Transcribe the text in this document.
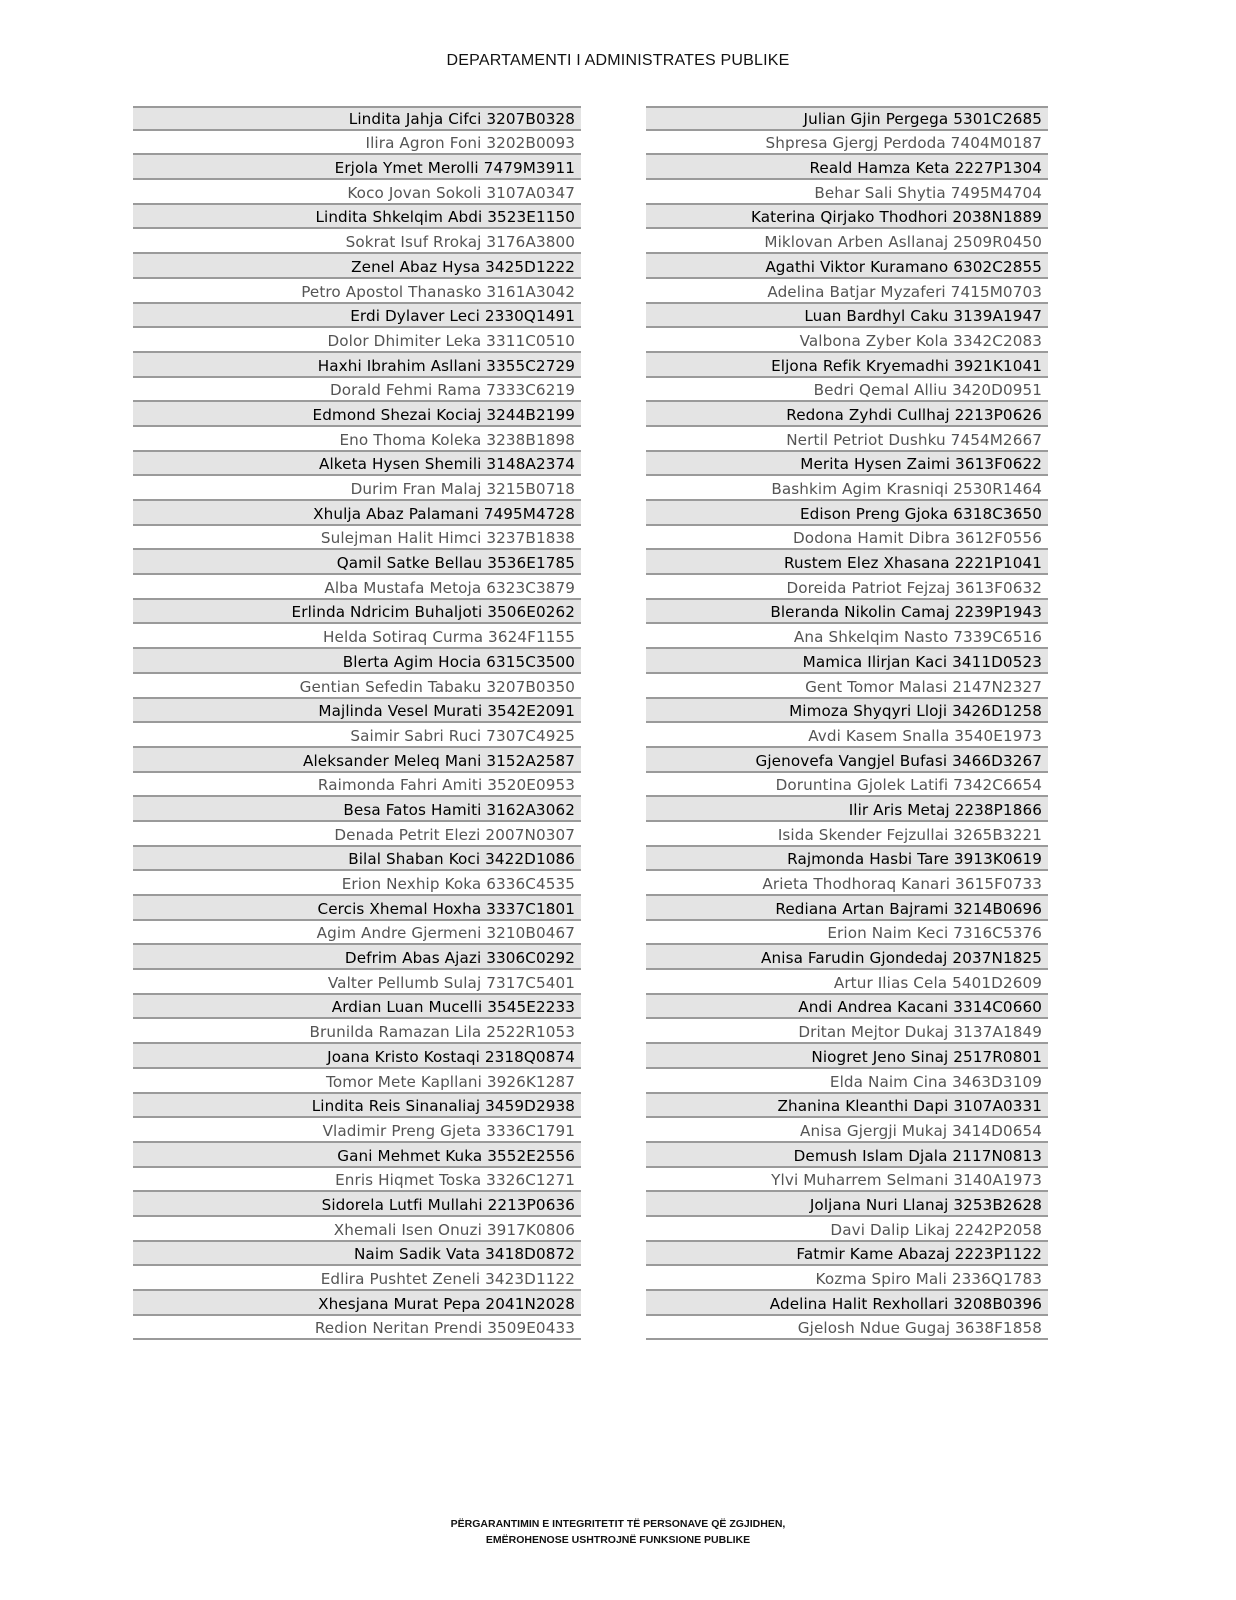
DEPARTAMENTI I ADMINISTRATES PUBLIKE
Lindita Jahja Cifci 3207B0328
Ilira Agron Foni 3202B0093
Erjola Ymet Merolli 7479M3911
Koco Jovan Sokoli 3107A0347
Lindita Shkelqim Abdi 3523E1150
Sokrat Isuf Rrokaj 3176A3800
Zenel Abaz Hysa 3425D1222
Petro Apostol Thanasko 3161A3042
Erdi Dylaver Leci 2330Q1491
Dolor Dhimiter Leka 3311C0510
Haxhi Ibrahim Asllani 3355C2729
Dorald Fehmi Rama 7333C6219
Edmond Shezai Kociaj 3244B2199
Eno Thoma Koleka 3238B1898
Alketa Hysen Shemili 3148A2374
Durim Fran Malaj 3215B0718
Xhulja Abaz Palamani 7495M4728
Sulejman Halit Himci 3237B1838
Qamil Satke Bellau 3536E1785
Alba Mustafa Metoja 6323C3879
Erlinda Ndricim Buhaljoti 3506E0262
Helda Sotiraq Curma 3624F1155
Blerta Agim Hocia 6315C3500
Gentian Sefedin Tabaku 3207B0350
Majlinda Vesel Murati 3542E2091
Saimir Sabri Ruci 7307C4925
Aleksander Meleq Mani 3152A2587
Raimonda Fahri Amiti 3520E0953
Besa Fatos Hamiti 3162A3062
Denada Petrit Elezi 2007N0307
Bilal Shaban Koci 3422D1086
Erion Nexhip Koka 6336C4535
Cercis Xhemal Hoxha 3337C1801
Agim Andre Gjermeni 3210B0467
Defrim Abas Ajazi 3306C0292
Valter Pellumb Sulaj 7317C5401
Ardian Luan Mucelli 3545E2233
Brunilda Ramazan Lila 2522R1053
Joana Kristo Kostaqi 2318Q0874
Tomor Mete Kapllani 3926K1287
Lindita Reis Sinanaliaj 3459D2938
Vladimir Preng Gjeta 3336C1791
Gani Mehmet Kuka 3552E2556
Enris Hiqmet Toska 3326C1271
Sidorela Lutfi Mullahi 2213P0636
Xhemali Isen Onuzi 3917K0806
Naim Sadik Vata 3418D0872
Edlira Pushtet Zeneli 3423D1122
Xhesjana Murat Pepa 2041N2028
Redion Neritan Prendi 3509E0433
Julian Gjin Pergega 5301C2685
Shpresa Gjergj Perdoda 7404M0187
Reald Hamza Keta 2227P1304
Behar Sali Shytia 7495M4704
Katerina Qirjako Thodhori 2038N1889
Miklovan Arben Asllanaj 2509R0450
Agathi Viktor Kuramano 6302C2855
Adelina Batjar Myzaferi 7415M0703
Luan Bardhyl Caku 3139A1947
Valbona Zyber Kola 3342C2083
Eljona Refik Kryemadhi 3921K1041
Bedri Qemal Alliu 3420D0951
Redona Zyhdi Cullhaj 2213P0626
Nertil Petriot Dushku 7454M2667
Merita Hysen Zaimi 3613F0622
Bashkim Agim Krasniqi 2530R1464
Edison Preng Gjoka 6318C3650
Dodona Hamit Dibra 3612F0556
Rustem Elez Xhasana 2221P1041
Doreida Patriot Fejzaj 3613F0632
Bleranda Nikolin Camaj 2239P1943
Ana Shkelqim Nasto 7339C6516
Mamica Ilirjan Kaci 3411D0523
Gent Tomor Malasi 2147N2327
Mimoza Shyqyri Lloji 3426D1258
Avdi Kasem Snalla 3540E1973
Gjenovefa Vangjel Bufasi 3466D3267
Doruntina Gjolek Latifi 7342C6654
Ilir Aris Metaj 2238P1866
Isida Skender Fejzullai 3265B3221
Rajmonda Hasbi Tare 3913K0619
Arieta Thodhoraq Kanari 3615F0733
Rediana Artan Bajrami 3214B0696
Erion Naim Keci 7316C5376
Anisa Farudin Gjondedaj 2037N1825
Artur Ilias Cela 5401D2609
Andi Andrea Kacani 3314C0660
Dritan Mejtor Dukaj 3137A1849
Niogret Jeno Sinaj 2517R0801
Elda Naim Cina 3463D3109
Zhanina Kleanthi Dapi 3107A0331
Anisa Gjergji Mukaj 3414D0654
Demush Islam Djala 2117N0813
Ylvi Muharrem Selmani 3140A1973
Joljana Nuri Llanaj 3253B2628
Davi Dalip Likaj 2242P2058
Fatmir Kame Abazaj 2223P1122
Kozma Spiro Mali 2336Q1783
Adelina Halit Rexhollari 3208B0396
Gjelosh Ndue Gugaj 3638F1858
PËRGARANTIMIN E INTEGRITETIT TË PERSONAVE QË ZGJIDHEN,
EMËROHENOSE USHTROJNË FUNKSIONE PUBLIKE
